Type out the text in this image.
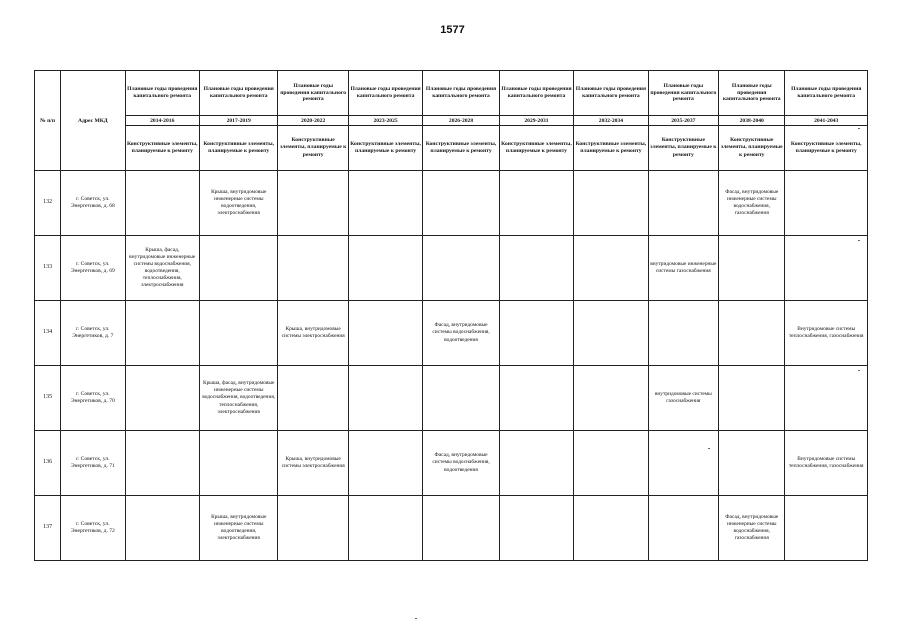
1577
№ п/п	Адрес МКД	Плановые годы проведения капитального ремонта	Плановые годы проведения капитального ремонта	Плановые годы проведения капитального ремонта	Плановые годы проведения капитального ремонта	Плановые годы проведения капитального ремонта	Плановые годы проведения капитального ремонта	Плановые годы проведения капитального ремонта	Плановые годы проведения капитального ремонта	Плановые годы проведения капитального ремонта	Плановые годы проведения капитального ремонта
		2014-2016	2017-2019	2020-2022	2023-2025	2026-2028	2029-2031	2032-2034	2035-2037	2038-2040	2041-2043
		Конструктивные элементы, планируемые к ремонту	Конструктивные элементы, планируемые к ремонту	Конструктивные элементы, планируемые к ремонту	Конструктивные элементы, планируемые к ремонту	Конструктивные элементы, планируемые к ремонту	Конструктивные элементы, планируемые к ремонту	Конструктивные элементы, планируемые к ремонту	Конструктивные элементы, планируемые к ремонту	Конструктивные элементы, планируемые к ремонту	Конструктивные элементы, планируемые к ремонту
132	г. Советск, ул. Энергетиков, д. 68		Крыша, внутридомовые инженерные системы водоотведения, электроснабжения							Фасад, внутридомовые инженерные системы водоснабжения, газоснабжения	
133	г. Советск, ул. Энергетиков, д. 69	Крыша, фасад, внутридомовые инженерные системы водоснабжения, водоотведения, теплоснабжения, электроснабжения							внутридомовые инженерные системы газоснабжения		
134	г. Советск, ул. Энергетиков, д. 7			Крыша, внутридомовые системы электроснабжения		Фасад, внутридомовые системы водоснабжения, водоотведения					Внутридомовые системы теплоснабжения, газоснабжения
135	г. Советск, ул. Энергетиков, д. 70		Крыша, фасад, внутридомовые инженерные системы водоснабжения, водоотведения, теплоснабжения, электроснабжения						внутридомовые системы газоснабжения		
136	г. Советск, ул. Энергетиков, д. 71			Крыша, внутридомовые системы электроснабжения		Фасад, внутридомовые системы водоснабжения, водоотведения					Внутридомовые системы теплоснабжения, газоснабжения
137	г. Советск, ул. Энергетиков, д. 72		Крыша, внутридомовые инженерные системы водоотведения, электроснабжения							Фасад, внутридомовые инженерные системы водоснабжения, газоснабжения	
